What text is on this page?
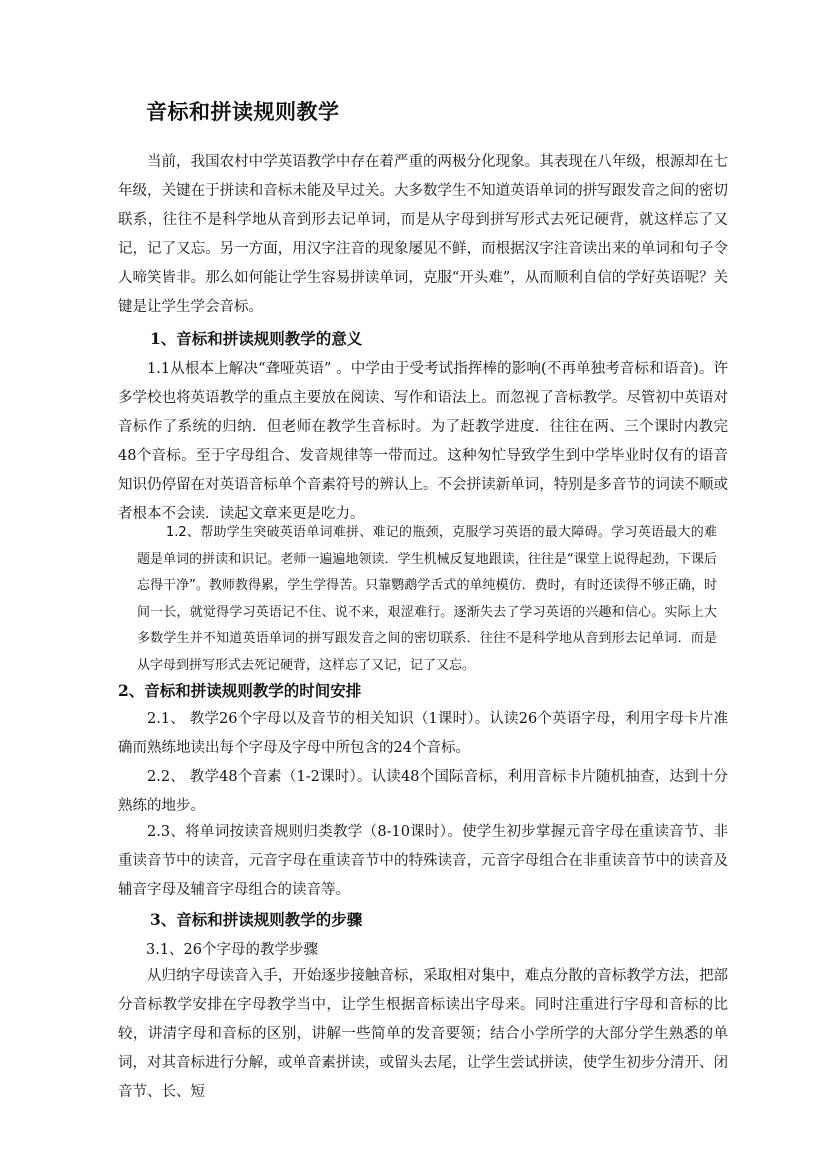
音标和拼读规则教学

当前，我国农村中学英语教学中存在着严重的两极分化现象。其表现在八年级，根源却在七年级，关键在于拼读和音标未能及早过关。大多数学生不知道英语单词的拼写跟发音之间的密切联系，往往不是科学地从音到形去记单词，而是从字母到拼写形式去死记硬背，就这样忘了又记，记了又忘。另一方面，用汉字注音的现象屡见不鲜，而根据汉字注音读出来的单词和句子令人啼笑皆非。那么如何能让学生容易拼读单词，克服“开头难”，从而顺利自信的学好英语呢？关键是让学生学会音标。

1、音标和拼读规则教学的意义

1.1从根本上解决“聋哑英语” 。中学由于受考试指挥棒的影响(不再单独考音标和语音)。许多学校也将英语教学的重点主要放在阅读、写作和语法上。而忽视了音标教学。尽管初中英语对音标作了系统的归纳．但老师在教学生音标时。为了赶教学进度．往往在两、三个课时内教完48个音标。至于字母组合、发音规律等一带而过。这种匆忙导致学生到中学毕业时仅有的语音知识仍停留在对英语音标单个音素符号的辨认上。不会拼读新单词，特别是多音节的词读不顺或者根本不会读．读起文章来更是吃力。

1.2、帮助学生突破英语单词难拼、难记的瓶颈，克服学习英语的最大障碍。学习英语最大的难题是单词的拼读和识记。老师一遍遍地领读．学生机械反复地跟读，往往是“课堂上说得起劲，下课后忘得干净”。教师教得累，学生学得苦。只靠鹦鹉学舌式的单纯模仿．费时，有时还读得不够正确，时间一长，就觉得学习英语记不住、说不来，艰涩难行。逐渐失去了学习英语的兴趣和信心。实际上大多数学生并不知道英语单词的拼写跟发音之间的密切联系．往往不是科学地从音到形去记单词．而是从字母到拼写形式去死记硬背，这样忘了又记，记了又忘。

2、音标和拼读规则教学的时间安排

2.1、 教学26个字母以及音节的相关知识（1课时）。认读26个英语字母，利用字母卡片准确而熟练地读出每个字母及字母中所包含的24个音标。

2.2、 教学48个音素（1-2课时）。认读48个国际音标，利用音标卡片随机抽查，达到十分熟练的地步。

2.3、将单词按读音规则归类教学（8-10课时）。使学生初步掌握元音字母在重读音节、非重读音节中的读音，元音字母在重读音节中的特殊读音，元音字母组合在非重读音节中的读音及辅音字母及辅音字母组合的读音等。

3、音标和拼读规则教学的步骤
3.1、26个字母的教学步骤

从归纳字母读音入手，开始逐步接触音标，采取相对集中，难点分散的音标教学方法，把部分音标教学安排在字母教学当中，让学生根据音标读出字母来。同时注重进行字母和音标的比较，讲清字母和音标的区别，讲解一些简单的发音要领；结合小学所学的大部分学生熟悉的单词，对其音标进行分解，或单音素拼读，或留头去尾，让学生尝试拼读，使学生初步分清开、闭音节、长、短
